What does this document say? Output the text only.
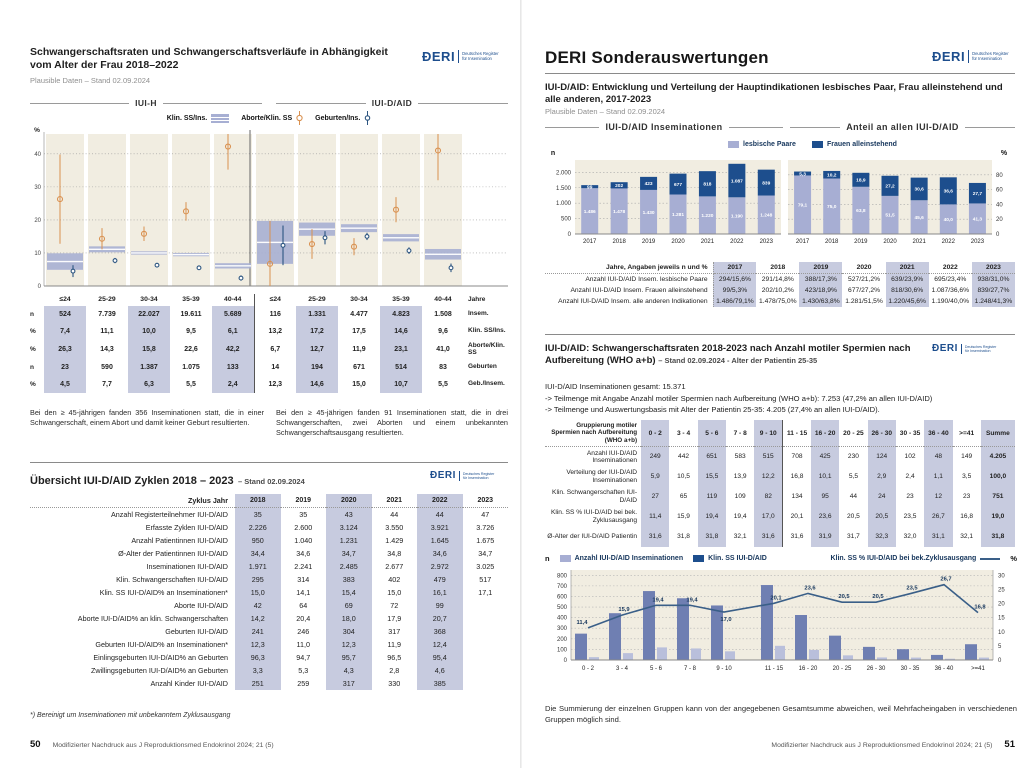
Schwangerschaftsraten und Schwangerschaftsverläufe in Abhängigkeit
vom Alter der Frau 2018–2022
Plausible Daten – Stand 02.09.2024
ÐERI Deutsches Register
für Insemination
IUI-H	IUI-D/AID
Klin. SS/Ins.	Aborte/Klin. SS	Geburten/Ins.
0
10
20
30
40
%
	≤24	25-29	30-34	35-39	40-44	≤24	25-29	30-34	35-39	40-44	Jahre
n	524	7.739	22.027	19.611	5.689	116	1.331	4.477	4.823	1.508	Insem.
%	7,4	11,1	10,0	9,5	6,1	13,2	17,2	17,5	14,6	9,6	Klin. SS/Ins.
%	26,3	14,3	15,8	22,6	42,2	6,7	12,7	11,9	23,1	41,0	Aborte/Klin. SS
n	23	590	1.387	1.075	133	14	194	671	514	83	Geburten
%	4,5	7,7	6,3	5,5	2,4	12,3	14,6	15,0	10,7	5,5	Geb./Insem.
Bei den ≥ 45-jährigen fanden 356 Inseminationen statt, die in einer Schwangerschaft, einem Abort und damit keiner Geburt resultierten.
Bei den ≥ 45-jährigen fanden 91 Inseminationen statt, die in drei Schwangerschaften, zwei Aborten und einem unbekannten Schwangerschaftsausgang resultierten.
Übersicht IUI-D/AID Zyklen 2018 – 2023 – Stand 02.09.2024
ÐERI Deutsches Register
für Insemination
Zyklus Jahr	2018	2019	2020	2021	2022	2023
Anzahl Registerteilnehmer IUI-D/AID	35	35	43	44	44	47
Erfasste Zyklen IUI-D/AID	2.226	2.600	3.124	3.550	3.921	3.726
Anzahl Patientinnen IUI-D/AID	950	1.040	1.231	1.429	1.645	1.675
Ø-Alter der Patientinnen IUI-D/AID	34,4	34,6	34,7	34,8	34,6	34,7
Inseminationen IUI-D/AID	1.971	2.241	2.485	2.677	2.972	3.025
Klin. Schwangerschaften IUI-D/AID	295	314	383	402	479	517
Klin. SS IUI-D/AID% an Inseminationen*	15,0	14,1	15,4	15,0	16,1	17,1
Aborte IUI-D/AID	42	64	69	72	99	
Aborte IUI-D/AID% an klin. Schwangerschaften	14,2	20,4	18,0	17,9	20,7	
Geburten IUI-D/AID	241	246	304	317	368	
Geburten IUI-D/AID% an Inseminationen*	12,3	11,0	12,3	11,9	12,4	
Einlingsgeburten IUI-D/AID% an Geburten	96,3	94,7	95,7	96,5	95,4	
Zwillingsgeburten IUI-D/AID% an Geburten	3,3	5,3	4,3	2,8	4,6	
Anzahl Kinder IUI-D/AID	251	259	317	330	385	
*) Bereinigt um Inseminationen mit unbekanntem Zyklusausgang
50 Modifizierter Nachdruck aus J Reproduktionsmed Endokrinol 2024; 21 (5)
DERI Sonderauswertungen	ÐERI Deutsches Register
für Insemination
IUI-D/AID: Entwicklung und Verteilung der Hauptindikationen lesbisches Paar, Frau alleinstehend und alle anderen, 2017-2023
Plausible Daten – Stand 02.09.2024
IUI-D/AID Inseminationen	Anteil an allen IUI-D/AID
0
500
1.000
1.500
2.000
n
1.486
99
2017
1.478
202
2018
1.430
423
2019
1.281
677
2020
1.220
818
2021
1.190
1.087
2022
1.248
839
2023
0
20
40
60
80
%
79,1
5,3
2017
75,0
10,2
2018
63,8
18,9
2019
51,5
27,2
2020
45,6
30,6
2021
40,0
36,6
2022
41,3
27,7
2023
lesbische Paare	Frauen alleinstehend
Jahre, Angaben jeweils n und %	2017	2018	2019	2020	2021	2022	2023
Anzahl IUI-D/AID Insem. lesbische Paare	294/15,6%	291/14,8%	388/17,3%	527/21,2%	639/23,9%	695/23,4%	938/31,0%
Anzahl IUI-D/AID Insem. Frauen alleinstehend	99/5,3%	202/10,2%	423/18,9%	677/27,2%	818/30,6%	1.087/36,6%	839/27,7%
Anzahl IUI-D/AID Insem. alle anderen Indikationen	1.486/79,1%	1.478/75,0%	1.430/63,8%	1.281/51,5%	1.220/45,6%	1.190/40,0%	1.248/41,3%
IUI-D/AID: Schwangerschaftsraten 2018-2023 nach Anzahl motiler Spermien nach Aufbereitung (WHO a+b) – Stand 02.09.2024 - Alter der Patientin 25-35
ÐERI Deutsches Register
für Insemination
IUI-D/AID Inseminationen gesamt: 15.371
-> Teilmenge mit Angabe Anzahl motiler Spermien nach Aufbereitung (WHO a+b): 7.253 (47,2% an allen IUI-D/AID)
-> Teilmenge und Auswertungsbasis mit Alter der Patientin 25-35: 4.205 (27,4% an allen IUI-D/AID).
Gruppierung motiler Spermien nach Aufbereitung (WHO a+b)	0 - 2	3 - 4	5 - 6	7 - 8	9 - 10	11 - 15	16 - 20	20 - 25	26 - 30	30 - 35	36 - 40	>=41	Summe
Anzahl IUI-D/AID Inseminationen	249	442	651	583	515	708	425	230	124	102	48	149	4.205
Verteilung der IUI-D/AID Inseminationen	5,9	10,5	15,5	13,9	12,2	16,8	10,1	5,5	2,9	2,4	1,1	3,5	100,0
Klin. Schwangerschaften IUI-D/AID	27	65	119	109	82	134	95	44	24	23	12	23	751
Klin. SS % IUI-D/AID bei bek. Zyklusausgang	11,4	15,9	19,4	19,4	17,0	20,1	23,6	20,5	20,5	23,5	26,7	16,8	19,0
Ø-Alter der IUI-D/AID Patientin	31,6	31,8	31,8	32,1	31,6	31,6	31,9	31,7	32,3	32,0	31,1	32,1	31,8
n	Anzahl IUI-D/AID Inseminationen	Klin. SS IUI-D/AID	Klin. SS % IUI-D/AID bei bek.Zyklusausgang	%
0
100
200
300
400
500
600
700
800
0
5
10
15
20
25
30
0 - 2	3 - 4	5 - 6	7 - 8	9 - 10	11 - 15	16 - 20	20 - 25	26 - 30	30 - 35	36 - 40	>=41
11,4
15,9
19,4	19,4
17,0
20,1
23,6
20,5	20,5
23,5
26,7
16,8
Die Summierung der einzelnen Gruppen kann von der angegebenen Gesamtsumme abweichen, weil Mehrfacheingaben in verschiedenen Gruppen möglich sind.
Modifizierter Nachdruck aus J Reproduktionsmed Endokrinol 2024; 21 (5) 51
